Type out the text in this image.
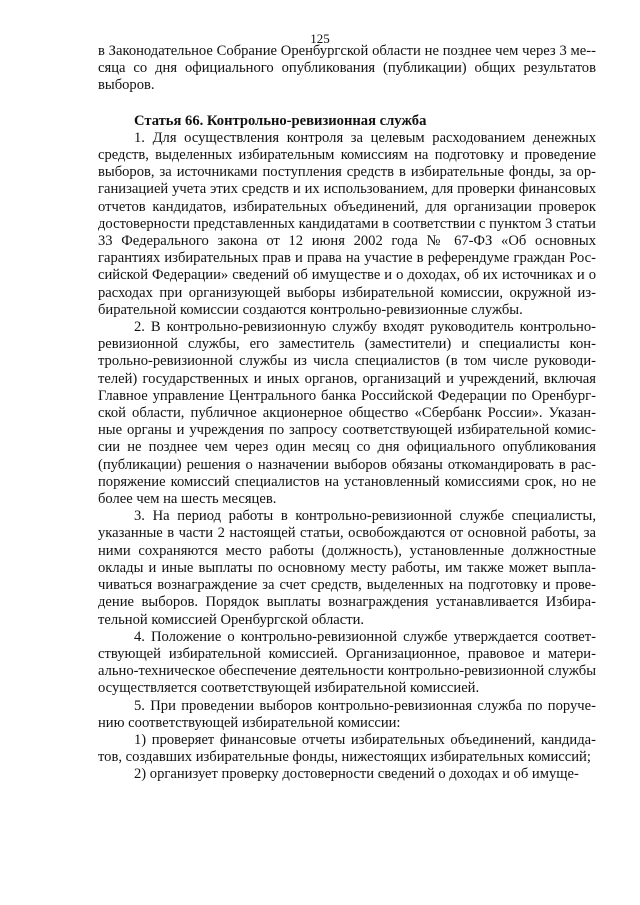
125

в Законодательное Собрание Оренбургской области не позднее чем через 3 ме-сяца со дня официального опубликования (публикации) общих результатов выборов.

Статья 66. Контрольно-ревизионная служба

1. Для осуществления контроля за целевым расходованием денежных средств, выделенных избирательным комиссиям на подготовку и проведение выборов, за источниками поступления средств в избирательные фонды, за организацией учета этих средств и их использованием, для проверки финансовых отчетов кандидатов, избирательных объединений, для организации проверок достоверности представленных кандидатами в соответствии с пунктом 3 статьи 33 Федерального закона от 12 июня 2002 года № 67-ФЗ «Об основных гарантиях избирательных прав и права на участие в референдуме граждан Российской Федерации» сведений об имуществе и о доходах, об их источниках и о расходах при организующей выборы избирательной комиссии, окружной избирательной комиссии создаются контрольно-ревизионные службы.

2. В контрольно-ревизионную службу входят руководитель контрольно-ревизионной службы, его заместитель (заместители) и специалисты контрольно-ревизионной службы из числа специалистов (в том числе руководителей) государственных и иных органов, организаций и учреждений, включая Главное управление Центрального банка Российской Федерации по Оренбургской области, публичное акционерное общество «Сбербанк России». Указанные органы и учреждения по запросу соответствующей избирательной комиссии не позднее чем через один месяц со дня официального опубликования (публикации) решения о назначении выборов обязаны откомандировать в распоряжение комиссий специалистов на установленный комиссиями срок, но не более чем на шесть месяцев.

3. На период работы в контрольно-ревизионной службе специалисты, указанные в части 2 настоящей статьи, освобождаются от основной работы, за ними сохраняются место работы (должность), установленные должностные оклады и иные выплаты по основному месту работы, им также может выплачиваться вознаграждение за счет средств, выделенных на подготовку и проведение выборов. Порядок выплаты вознаграждения устанавливается Избирательной комиссией Оренбургской области.

4. Положение о контрольно-ревизионной службе утверждается соответствующей избирательной комиссией. Организационное, правовое и материально-техническое обеспечение деятельности контрольно-ревизионной службы осуществляется соответствующей избирательной комиссией.

5. При проведении выборов контрольно-ревизионная служба по поручению соответствующей избирательной комиссии:

1) проверяет финансовые отчеты избирательных объединений, кандидатов, создавших избирательные фонды, нижестоящих избирательных комиссий;

2) организует проверку достоверности сведений о доходах и об имуще-
